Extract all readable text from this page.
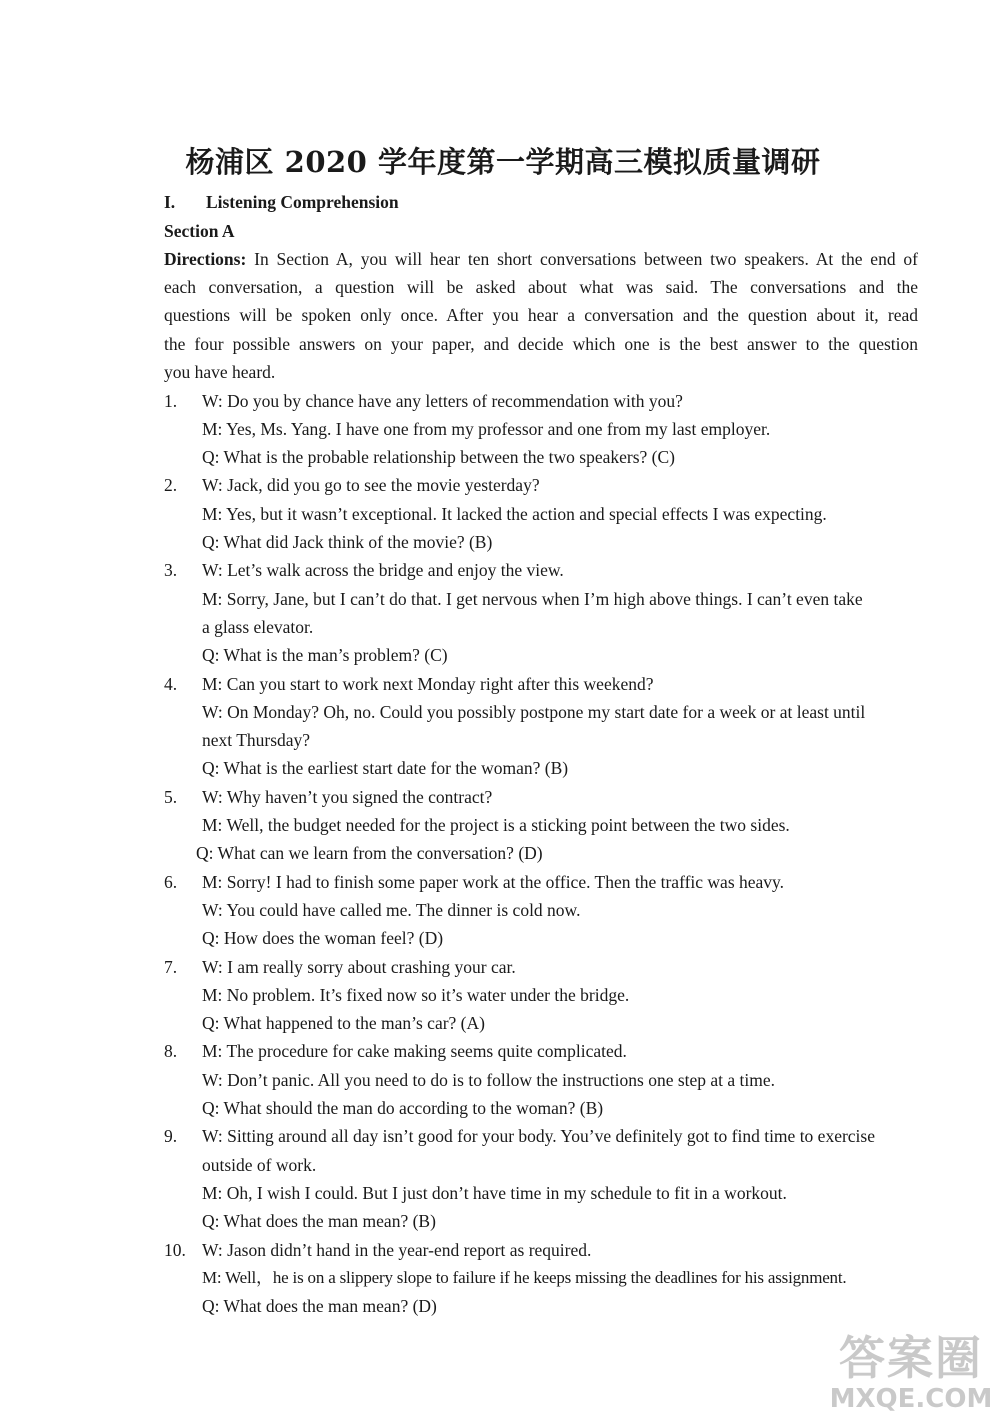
杨浦区 2020 学年度第一学期高三模拟质量调研
I. Listening Comprehension
Section A
Directions: In Section A, you will hear ten short conversations between two speakers. At the end of
each conversation, a question will be asked about what was said. The conversations and the
questions will be spoken only once. After you hear a conversation and the question about it, read
the four possible answers on your paper, and decide which one is the best answer to the question
you have heard.
1. W: Do you by chance have any letters of recommendation with you?
M: Yes, Ms. Yang. I have one from my professor and one from my last employer.
Q: What is the probable relationship between the two speakers? (C)
2. W: Jack, did you go to see the movie yesterday?
M: Yes, but it wasn’t exceptional. It lacked the action and special effects I was expecting.
Q: What did Jack think of the movie? (B)
3. W: Let’s walk across the bridge and enjoy the view.
M: Sorry, Jane, but I can’t do that. I get nervous when I’m high above things. I can’t even take
a glass elevator.
Q: What is the man’s problem? (C)
4. M: Can you start to work next Monday right after this weekend?
W: On Monday? Oh, no. Could you possibly postpone my start date for a week or at least until
next Thursday?
Q: What is the earliest start date for the woman? (B)
5. W: Why haven’t you signed the contract?
M: Well, the budget needed for the project is a sticking point between the two sides.
Q: What can we learn from the conversation? (D)
6. M: Sorry! I had to finish some paper work at the office. Then the traffic was heavy.
W: You could have called me. The dinner is cold now.
Q: How does the woman feel? (D)
7. W: I am really sorry about crashing your car.
M: No problem. It’s fixed now so it’s water under the bridge.
Q: What happened to the man’s car? (A)
8. M: The procedure for cake making seems quite complicated.
W: Don’t panic. All you need to do is to follow the instructions one step at a time.
Q: What should the man do according to the woman? (B)
9. W: Sitting around all day isn’t good for your body. You’ve definitely got to find time to exercise
outside of work.
M: Oh, I wish I could. But I just don’t have time in my schedule to fit in a workout.
Q: What does the man mean? (B)
10. W: Jason didn’t hand in the year-end report as required.
M: Well，he is on a slippery slope to failure if he keeps missing the deadlines for his assignment.
Q: What does the man mean? (D)
答案圈
MXQE.COM
